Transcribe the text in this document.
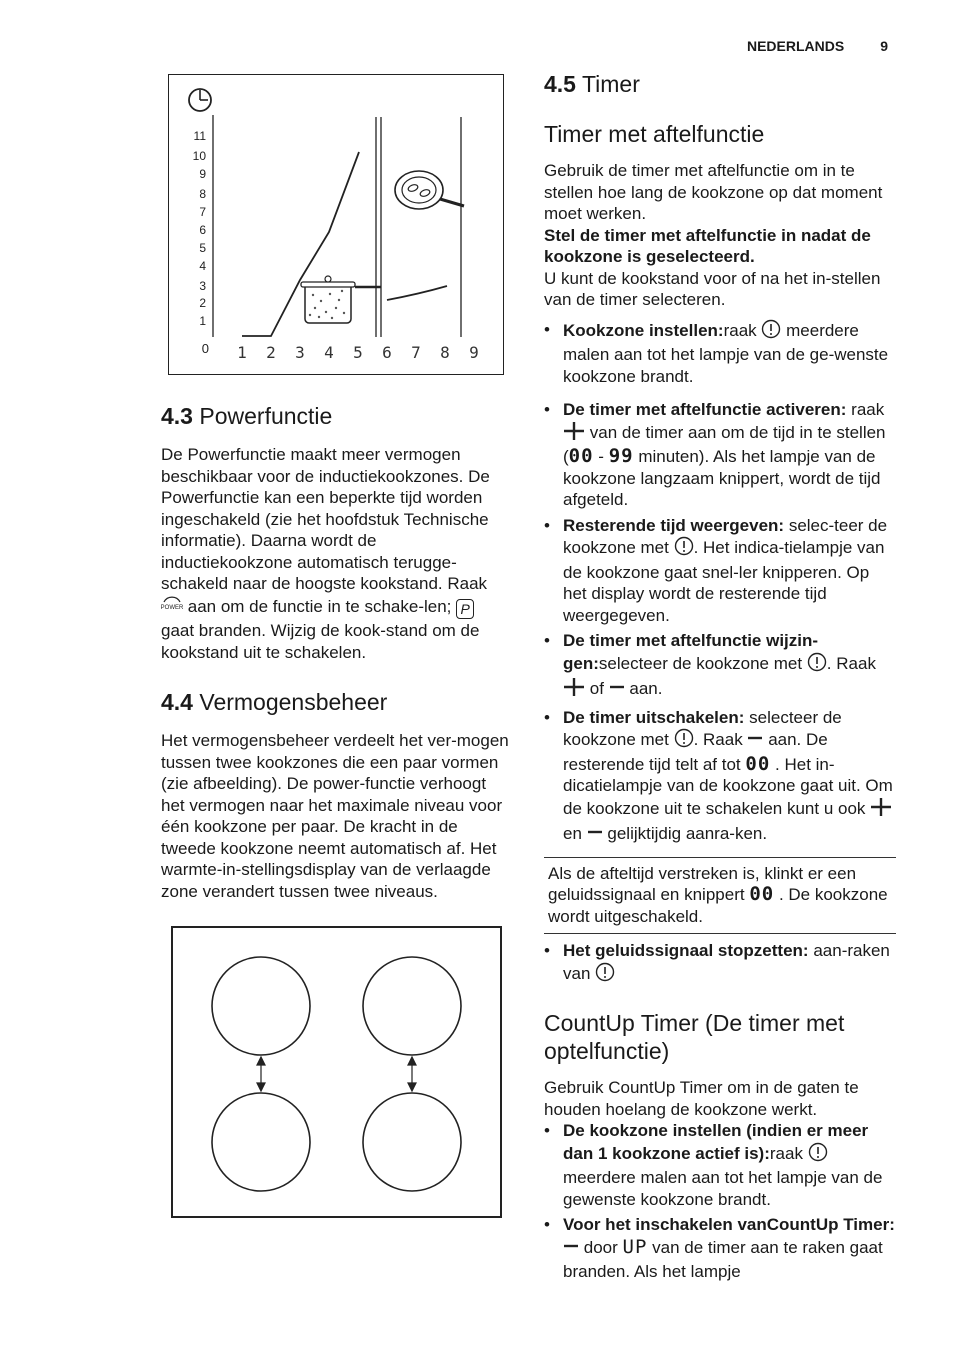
NEDERLANDS	9
11
10
9
8
7
6
5
4
3
2
1
0 1 2 3 4 5 6 7 8 9
4.3 Powerfunctie

De Powerfunctie maakt meer vermogen beschikbaar voor de inductiekookzones. De Powerfunctie kan een beperkte tijd worden ingeschakeld (zie het hoofdstuk Technische informatie). Daarna wordt de inductiekookzone automatisch terugge-schakeld naar de hoogste kookstand. Raak
POWER aan om de functie in te schake-len; P gaat branden. Wijzig de kook-stand om de kookstand uit te schakelen.

4.4 Vermogensbeheer

Het vermogensbeheer verdeelt het ver-mogen tussen twee kookzones die een paar vormen (zie afbeelding). De power-functie verhoogt het vermogen naar het maximale niveau voor één kookzone per paar. De kracht in de tweede kookzone neemt automatisch af. Het warmte-in-stellingsdisplay van de verlaagde zone verandert tussen twee niveaus.

4.5 Timer
Timer met aftelfunctie

Gebruik de timer met aftelfunctie om in te stellen hoe lang de kookzone op dat moment moet werken.

Stel de timer met aftelfunctie in nadat de kookzone is geselecteerd.

U kunt de kookstand voor of na het in-stellen van de timer selecteren.

• Kookzone instellen:raak meerdere malen aan tot het lampje van de ge-wenste kookzone brandt.
• De timer met aftelfunctie activeren: raak  van de timer aan om de tijd in te stellen (00 - 99 minuten). Als het lampje van de kookzone langzaam knippert, wordt de tijd afgeteld.
• Resterende tijd weergeven: selec-teer de kookzone met . Het indica-tielampje van de kookzone gaat snel-ler knipperen. Op het display wordt de resterende tijd weergegeven.
• De timer met aftelfunctie wijzin-gen:selecteer de kookzone met . Raak  of aan.
• De timer uitschakelen: selecteer de kookzone met . Raak aan. De resterende tijd telt af tot 00 . Het in-dicatielampje van de kookzone gaat uit. Om de kookzone uit te schakelen kunt u ook  en gelijktijdig aanra-ken.
Als de afteltijd verstreken is, klinkt er een geluidssignaal en knippert 00 . De kookzone wordt uitgeschakeld.
• Het geluidssignaal stopzetten: aan-raken van
CountUp Timer (De timer met optelfunctie)

Gebruik CountUp Timer om in de gaten te houden hoelang de kookzone werkt.

• De kookzone instellen (indien er meer dan 1 kookzone actief is):raak  meerdere malen aan tot het lampje van de gewenste kookzone brandt.
• Voor het inschakelen vanCountUp Timer:  door UP van de timer aan te raken gaat branden. Als het lampje
